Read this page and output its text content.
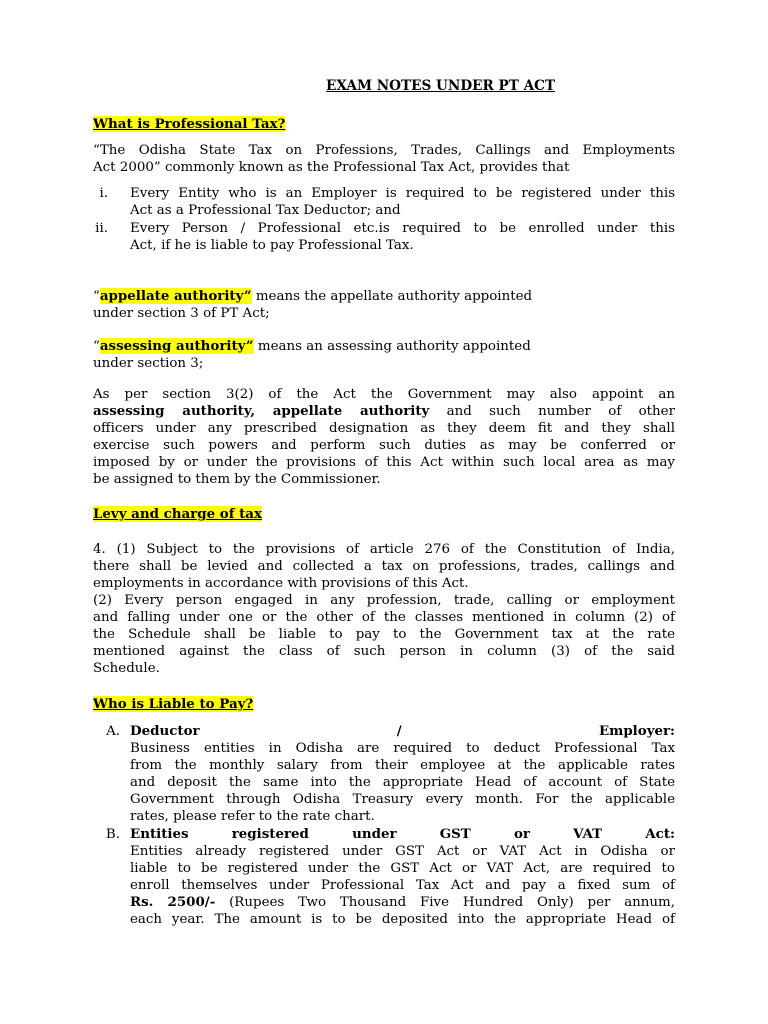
EXAM NOTES UNDER PT ACT
What is Professional Tax?
“The Odisha State Tax on Professions, Trades, Callings and Employments
Act 2000” commonly known as the Professional Tax Act, provides that
i. Every Entity who is an Employer is required to be registered under this
Act as a Professional Tax Deductor; and
ii. Every Person / Professional etc.is required to be enrolled under this
Act, if he is liable to pay Professional Tax.
“appellate authority” means the appellate authority appointed
under section 3 of PT Act;
“assessing authority” means an assessing authority appointed
under section 3;
As per section 3(2) of the Act the Government may also appoint an
assessing authority, appellate authority and such number of other
officers under any prescribed designation as they deem fit and they shall
exercise such powers and perform such duties as may be conferred or
imposed by or under the provisions of this Act within such local area as may
be assigned to them by the Commissioner.
Levy and charge of tax
4. (1) Subject to the provisions of article 276 of the Constitution of India,
there shall be levied and collected a tax on professions, trades, callings and
employments in accordance with provisions of this Act.
(2) Every person engaged in any profession, trade, calling or employment
and falling under one or the other of the classes mentioned in column (2) of
the Schedule shall be liable to pay to the Government tax at the rate
mentioned against the class of such person in column (3) of the said
Schedule.
Who is Liable to Pay?
A. Deductor	/	Employer:
Business entities in Odisha are required to deduct Professional Tax
from the monthly salary from their employee at the applicable rates
and deposit the same into the appropriate Head of account of State
Government through Odisha Treasury every month. For the applicable
rates, please refer to the rate chart.
B. Entities	registered	under	GST	or	VAT	Act:
Entities already registered under GST Act or VAT Act in Odisha or
liable to be registered under the GST Act or VAT Act, are required to
enroll themselves under Professional Tax Act and pay a fixed sum of
Rs. 2500/- (Rupees Two Thousand Five Hundred Only) per annum,
each year. The amount is to be deposited into the appropriate Head of
